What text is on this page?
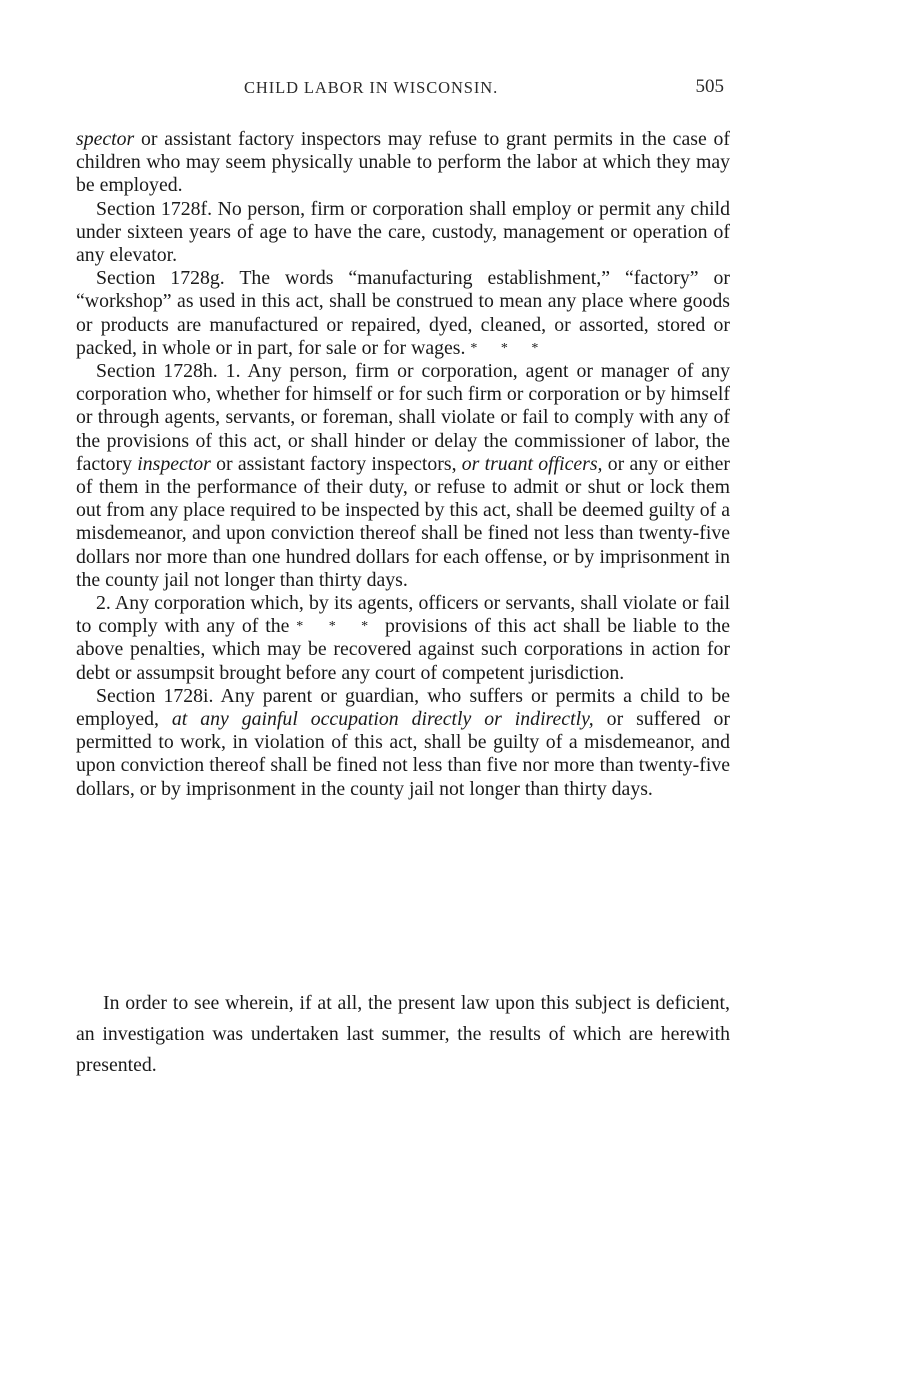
CHILD LABOR IN WISCONSIN.	505

spector or assistant factory inspectors may refuse to grant permits in the case of children who may seem physically unable to perform the labor at which they may be employed.

Section 1728f. No person, firm or corporation shall employ or permit any child under sixteen years of age to have the care, custody, management or operation of any elevator.

Section 1728g. The words “manufacturing establishment,” “factory” or “workshop” as used in this act, shall be construed to mean any place where goods or products are manufactured or repaired, dyed, cleaned, or assorted, stored or packed, in whole or in part, for sale or for wages. * * *

Section 1728h. 1. Any person, firm or corporation, agent or manager of any corporation who, whether for himself or for such firm or corporation or by himself or through agents, servants, or foreman, shall violate or fail to comply with any of the provisions of this act, or shall hinder or delay the commissioner of labor, the factory inspector or assistant factory inspectors, or truant officers, or any or either of them in the performance of their duty, or refuse to admit or shut or lock them out from any place required to be inspected by this act, shall be deemed guilty of a misdemeanor, and upon conviction thereof shall be fined not less than twenty-five dollars nor more than one hundred dollars for each offense, or by imprisonment in the county jail not longer than thirty days.

2. Any corporation which, by its agents, officers or servants, shall violate or fail to comply with any of the * * * provisions of this act shall be liable to the above penalties, which may be recovered against such corporations in action for debt or assumpsit brought before any court of competent jurisdiction.

Section 1728i. Any parent or guardian, who suffers or permits a child to be employed, at any gainful occupation directly or indirectly, or suffered or permitted to work, in violation of this act, shall be guilty of a misdemeanor, and upon conviction thereof shall be fined not less than five nor more than twenty-five dollars, or by imprisonment in the county jail not longer than thirty days.

In order to see wherein, if at all, the present law upon this subject is deficient, an investigation was undertaken last summer, the results of which are herewith presented.
